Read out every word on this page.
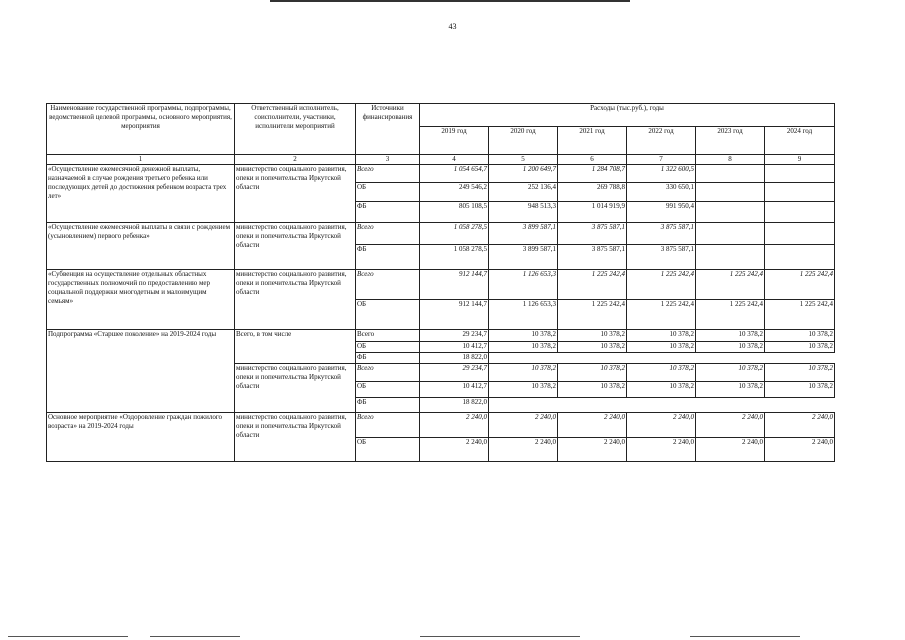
43
Наименование государственной программы, подпрограммы, ведомственной целевой программы, основного мероприятия, мероприятия	Ответственный исполнитель, соисполнители, участники, исполнители мероприятий	Источники финансирования	Расходы (тыс.руб.), годы					
			2019 год	2020 год	2021 год	2022 год	2023 год	2024 год
1	2	3	4	5	6	7	8	9
«Осуществление ежемесячной денежной выплаты, назначаемой в случае рождения третьего ребенка или последующих детей до достижения ребенком возраста трех лет»	министерство социального развития, опеки и попечительства Иркутской области	Всего	1 054 654,7	1 200 649,7	1 284 708,7	1 322 600,5		
		ОБ	249 546,2	252 136,4	269 788,8	330 650,1		
		ФБ	805 108,5	948 513,3	1 014 919,9	991 950,4		
«Осуществление ежемесячной выплаты в связи с рождением (усыновлением) первого ребенка»	министерство социального развития, опеки и попечительства Иркутской области	Всего	1 058 278,5	3 899 587,1	3 875 587,1	3 875 587,1		
		ФБ	1 058 278,5	3 899 587,1	3 875 587,1	3 875 587,1		
«Субвенция на осуществление отдельных областных государственных полномочий по предоставлению мер социальной поддержки многодетным и малоимущим семьям»	министерство социального развития, опеки и попечительства Иркутской области	Всего	912 144,7	1 126 653,3	1 225 242,4	1 225 242,4	1 225 242,4	1 225 242,4
		ОБ	912 144,7	1 126 653,3	1 225 242,4	1 225 242,4	1 225 242,4	1 225 242,4
Подпрограмма «Старшее поколение» на 2019-2024 годы	Всего, в том числе	Всего	29 234,7	10 378,2	10 378,2	10 378,2	10 378,2	10 378,2
		ОБ	10 412,7	10 378,2	10 378,2	10 378,2	10 378,2	10 378,2
		ФБ	18 822,0					
	министерство социального развития, опеки и попечительства Иркутской области	Всего	29 234,7	10 378,2	10 378,2	10 378,2	10 378,2	10 378,2
		ОБ	10 412,7	10 378,2	10 378,2	10 378,2	10 378,2	10 378,2
		ФБ	18 822,0					
Основное мероприятие «Оздоровление граждан пожилого возраста» на 2019-2024 годы	министерство социального развития, опеки и попечительства Иркутской области	Всего	2 240,0	2 240,0	2 240,0	2 240,0	2 240,0	2 240,0
		ОБ	2 240,0	2 240,0	2 240,0	2 240,0	2 240,0	2 240,0
